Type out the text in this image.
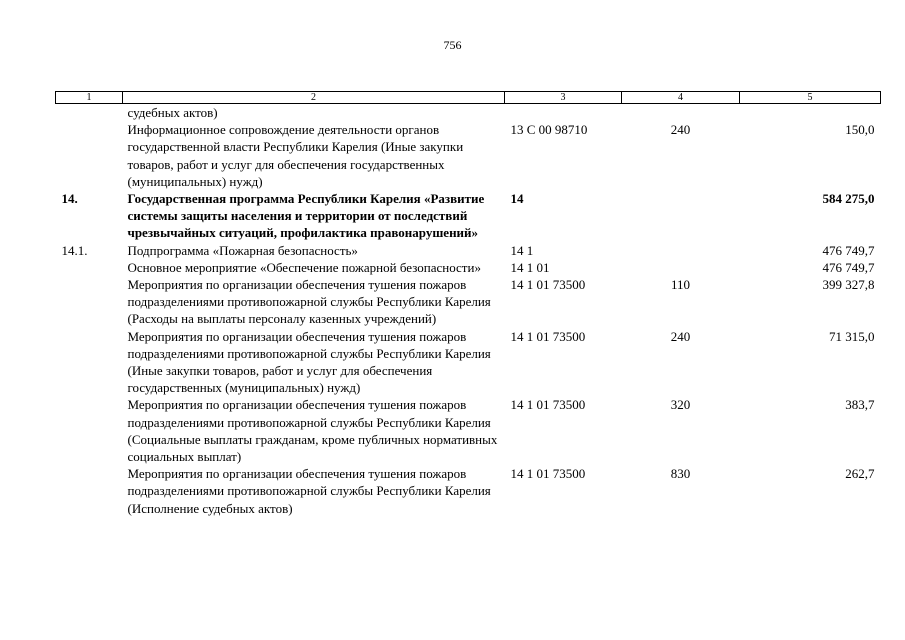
756
1	2	3	4	5
	судебных актов)			
	Информационное сопровождение деятельности органов государственной власти Республики Карелия (Иные закупки товаров, работ и услуг для обеспечения государственных (муниципальных) нужд)	13 С 00 98710	240	150,0
14.	Государственная программа Республики Карелия «Развитие системы защиты населения и территории от последствий чрезвычайных ситуаций, профилактика правонарушений»	14		584 275,0
14.1.	Подпрограмма «Пожарная безопасность»	14 1		476 749,7
	Основное мероприятие «Обеспечение пожарной безопасности»	14 1 01		476 749,7
	Мероприятия по организации обеспечения тушения пожаров подразделениями противопожарной службы Республики Карелия (Расходы на выплаты персоналу казенных учреждений)	14 1 01 73500	110	399 327,8
	Мероприятия по организации обеспечения тушения пожаров подразделениями противопожарной службы Республики Карелия (Иные закупки товаров, работ и услуг для обеспечения государственных (муниципальных) нужд)	14 1 01 73500	240	71 315,0
	Мероприятия по организации обеспечения тушения пожаров подразделениями противопожарной службы Республики Карелия (Социальные выплаты гражданам, кроме публичных нормативных социальных выплат)	14 1 01 73500	320	383,7
	Мероприятия по организации обеспечения тушения пожаров подразделениями противопожарной службы Республики Карелия (Исполнение судебных актов)	14 1 01 73500	830	262,7
